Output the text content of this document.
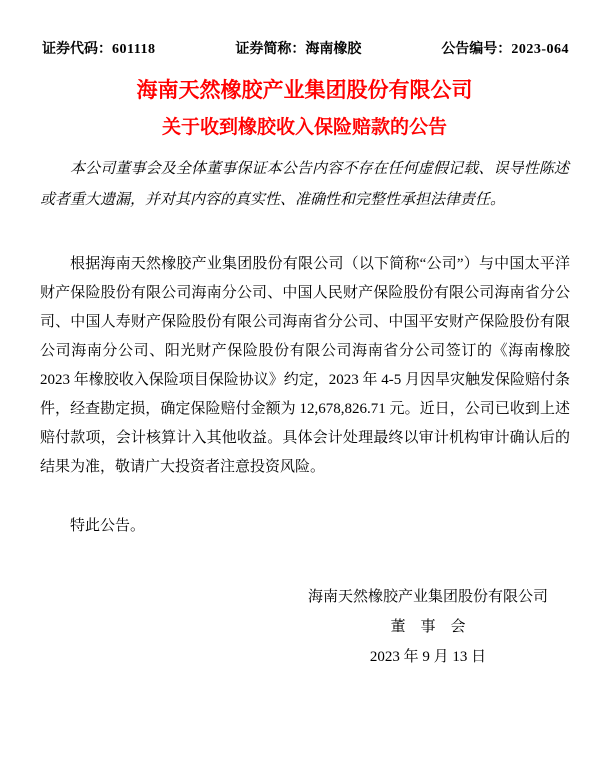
证券代码：601118	证券简称：海南橡胶	公告编号：2023-064
海南天然橡胶产业集团股份有限公司
关于收到橡胶收入保险赔款的公告

本公司董事会及全体董事保证本公告内容不存在任何虚假记载、误导性陈述或者重大遗漏，并对其内容的真实性、准确性和完整性承担法律责任。

根据海南天然橡胶产业集团股份有限公司（以下简称“公司”）与中国太平洋财产保险股份有限公司海南分公司、中国人民财产保险股份有限公司海南省分公司、中国人寿财产保险股份有限公司海南省分公司、中国平安财产保险股份有限公司海南分公司、阳光财产保险股份有限公司海南省分公司签订的《海南橡胶 2023 年橡胶收入保险项目保险协议》约定，2023 年 4-5 月因旱灾触发保险赔付条件，经查勘定损，确定保险赔付金额为 12,678,826.71 元。近日，公司已收到上述赔付款项，会计核算计入其他收益。具体会计处理最终以审计机构审计确认后的结果为准，敬请广大投资者注意投资风险。

特此公告。

海南天然橡胶产业集团股份有限公司
董　事　会
2023 年 9 月 13 日
